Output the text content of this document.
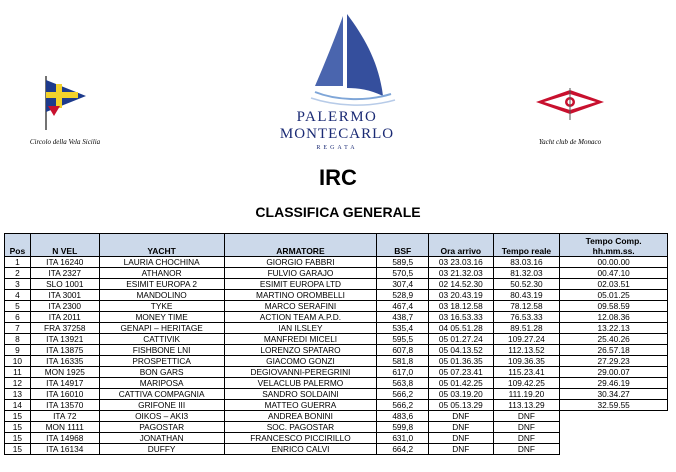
Circolo della Vela Sicilia
PALERMO
MONTECARLO
REGATA
Yacht club de Monaco
IRC
CLASSIFICA GENERALE
Pos	N VEL	YACHT	ARMATORE	BSF	Ora arrivo	Tempo reale	Tempo Comp.
hh.mm.ss.
1	ITA 16240	LAURIA CHOCHINA	GIORGIO FABBRI	589,5	03 23.03.16	83.03.16	00.00.00
2	ITA 2327	ATHANOR	FULVIO GARAJO	570,5	03 21.32.03	81.32.03	00.47.10
3	SLO 1001	ESIMIT EUROPA 2	ESIMIT EUROPA LTD	307,4	02 14.52.30	50.52.30	02.03.51
4	ITA 3001	MANDOLINO	MARTINO OROMBELLI	528,9	03 20.43.19	80.43.19	05.01.25
5	ITA 2300	TYKE	MARCO SERAFINI	467,4	03 18.12.58	78.12.58	09.58.59
6	ITA 2011	MONEY TIME	ACTION TEAM A.P.D.	438,7	03 16.53.33	76.53.33	12.08.36
7	FRA 37258	GENAPI – HERITAGE	IAN ILSLEY	535,4	04 05.51.28	89.51.28	13.22.13
8	ITA 13921	CATTIVIK	MANFREDI MICELI	595,5	05 01.27.24	109.27.24	25.40.26
9	ITA 13875	FISHBONE LNI	LORENZO SPATARO	607,8	05 04.13.52	112.13.52	26.57.18
10	ITA 16335	PROSPETTICA	GIACOMO GONZI	581,8	05 01.36.35	109.36.35	27.29.23
11	MON 1925	BON GARS	DEGIOVANNI-PEREGRINI	617,0	05 07.23.41	115.23.41	29.00.07
12	ITA 14917	MARIPOSA	VELACLUB PALERMO	563,8	05 01.42.25	109.42.25	29.46.19
13	ITA 16010	CATTIVA COMPAGNIA	SANDRO SOLDAINI	566,2	05 03.19.20	111.19.20	30.34.27
14	ITA 13570	GRIFONE III	MATTEO GUERRA	566,2	05 05.13.29	113.13.29	32.59.55
15	ITA 72	OIKOS – AKI3	ANDREA BONINI	483,6	DNF	DNF	
15	MON 1111	PAGOSTAR	SOC. PAGOSTAR	599,8	DNF	DNF	
15	ITA 14968	JONATHAN	FRANCESCO PICCIRILLO	631,0	DNF	DNF	
15	ITA 16134	DUFFY	ENRICO CALVI	664,2	DNF	DNF	
